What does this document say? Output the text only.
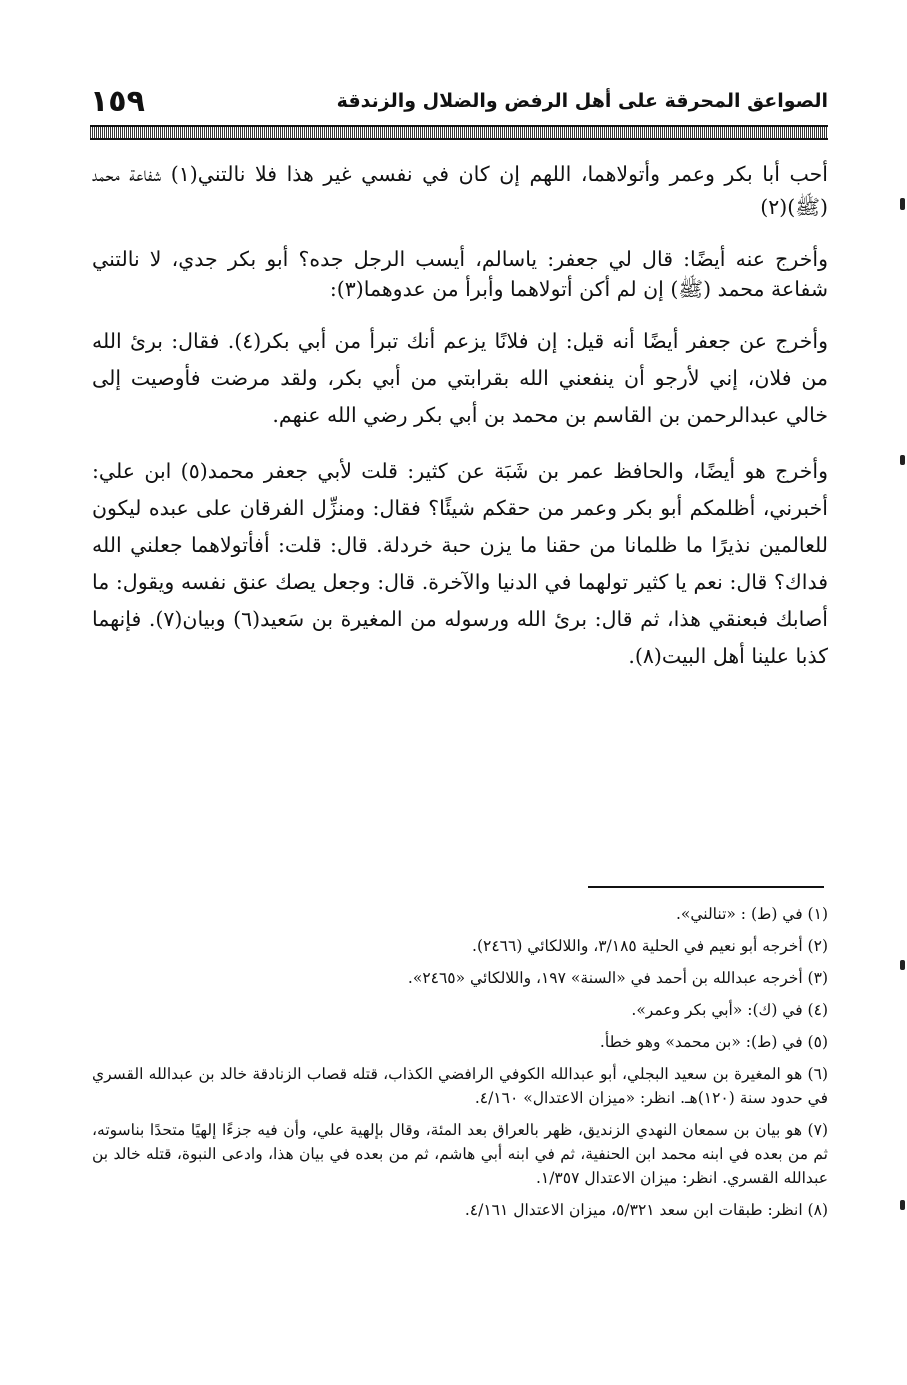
الصواعق المحرقة على أهل الرفض والضلال والزندقة
١٥٩

أحب أبا بكر وعمر وأتولاهما، اللهم إن كان في نفسي غير هذا فلا نالتني(١) شفاعة محمد (ﷺ)(٢)

وأخرج عنه أيضًا: قال لي جعفر: ياسالم، أيسب الرجل جده؟ أبو بكر جدي، لا نالتني شفاعة محمد (ﷺ) إن لم أكن أتولاهما وأبرأ من عدوهما(٣):

وأخرج عن جعفر أيضًا أنه قيل: إن فلانًا يزعم أنك تبرأ من أبي بكر(٤). فقال: برئ الله من فلان، إني لأرجو أن ينفعني الله بقرابتي من أبي بكر، ولقد مرضت فأوصيت إلى خالي عبدالرحمن بن القاسم بن محمد بن أبي بكر رضي الله عنهم.

وأخرج هو أيضًا، والحافظ عمر بن شَبَة عن كثير: قلت لأبي جعفر محمد(٥) ابن علي: أخبرني، أظلمكم أبو بكر وعمر من حقكم شيئًا؟ فقال: ومنزِّل الفرقان على عبده ليكون للعالمين نذيرًا ما ظلمانا من حقنا ما يزن حبة خردلة. قال: قلت: أفأتولاهما جعلني الله فداك؟ قال: نعم يا كثير تولهما في الدنيا والآخرة. قال: وجعل يصك عنق نفسه ويقول: ما أصابك فبعنقي هذا، ثم قال: برئ الله ورسوله من المغيرة بن سَعيد(٦) وبيان(٧). فإنهما كذبا علينا أهل البيت(٨).

(١) في (ط) : «تنالني».
(٢) أخرجه أبو نعيم في الحلية ٣/١٨٥، واللالكائي (٢٤٦٦).
(٣) أخرجه عبدالله بن أحمد في «السنة» ١٩٧، واللالكائي «٢٤٦٥».
(٤) في (ك): «أبي بكر وعمر».
(٥) في (ط): «بن محمد» وهو خطأ.
(٦) هو المغيرة بن سعيد البجلي، أبو عبدالله الكوفي الرافضي الكذاب، قتله قصاب الزنادقة خالد بن عبدالله القسري في حدود سنة (١٢٠)هـ. انظر: «ميزان الاعتدال» ٤/١٦٠.
(٧) هو بيان بن سمعان النهدي الزنديق، ظهر بالعراق بعد المئة، وقال بإلهية علي، وأن فيه جزءًا إلهيًا متحدًا بناسوته، ثم من بعده في ابنه محمد ابن الحنفية، ثم في ابنه أبي هاشم، ثم من بعده في بيان هذا، وادعى النبوة، قتله خالد بن عبدالله القسري. انظر: ميزان الاعتدال ١/٣٥٧.
(٨) انظر: طبقات ابن سعد ٥/٣٢١، ميزان الاعتدال ٤/١٦١.
